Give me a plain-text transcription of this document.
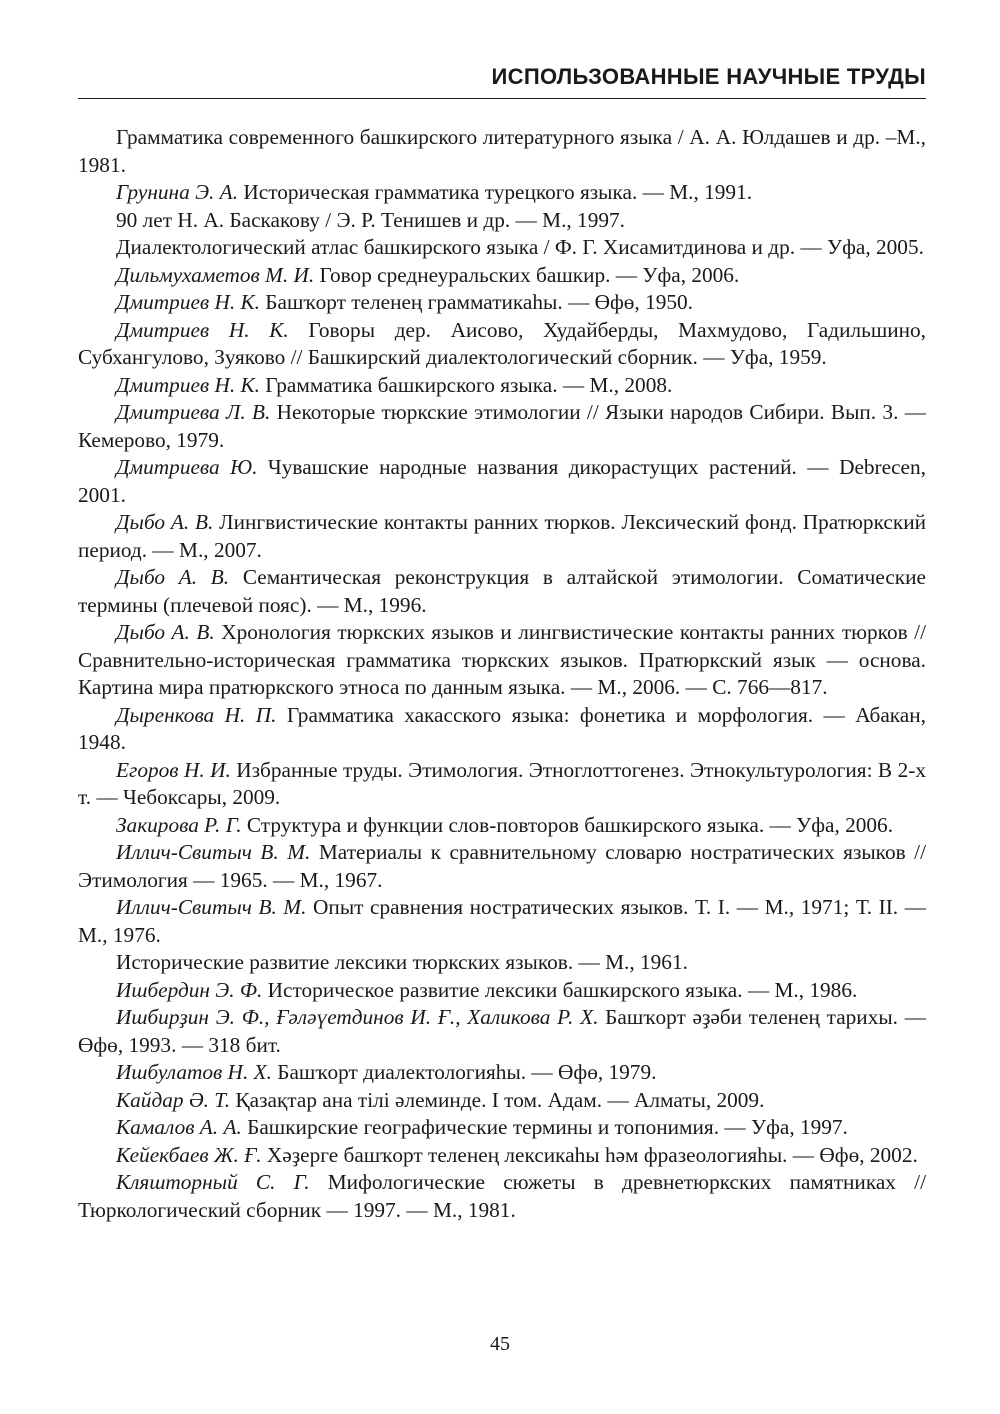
ИСПОЛЬЗОВАННЫЕ НАУЧНЫЕ ТРУДЫ

Грамматика современного башкирского литературного языка / А. А. Юлдашев и др. –М., 1981.

Грунина Э. А. Историческая грамматика турецкого языка. — М., 1991.

90 лет Н. А. Баскакову / Э. Р. Тенишев и др. — М., 1997.

Диалектологический атлас башкирского языка / Ф. Г. Хисамитдинова и др. — Уфа, 2005.

Дильмухаметов М. И. Говор среднеуральских башкир. — Уфа, 2006.

Дмитриев Н. К. Башҡорт теленең грамматикаһы. — Өфө, 1950.

Дмитриев Н. К. Говоры дер. Аисово, Худайберды, Махмудово, Гадильшино, Субхангулово, Зуяково // Башкирский диалектологический сборник. — Уфа, 1959.

Дмитриев Н. К. Грамматика башкирского языка. — М., 2008.

Дмитриева Л. В. Некоторые тюркские этимологии // Языки народов Сибири. Вып. 3. — Кемерово, 1979.

Дмитриева Ю. Чувашские народные названия дикорастущих растений. — Debrecen, 2001.

Дыбо А. В. Лингвистические контакты ранних тюрков. Лексический фонд. Пратюркский период. — М., 2007.

Дыбо А. В. Семантическая реконструкция в алтайской этимологии. Соматические термины (плечевой пояс). — М., 1996.

Дыбо А. В. Хронология тюркских языков и лингвистические контакты ранних тюрков // Сравнительно-историческая грамматика тюркских языков. Пратюркский язык — основа. Картина мира пратюркского этноса по данным языка. — М., 2006. — С. 766—817.

Дыренкова Н. П. Грамматика хакасского языка: фонетика и морфология. — Абакан, 1948.

Егоров Н. И. Избранные труды. Этимология. Этноглоттогенез. Этнокультурология: В 2-х т. — Чебоксары, 2009.

Закирова Р. Г. Структура и функции слов-повторов башкирского языка. — Уфа, 2006.

Иллич-Свитыч В. М. Материалы к сравнительному словарю ностратических языков // Этимология — 1965. — М., 1967.

Иллич-Свитыч В. М. Опыт сравнения ностратических языков. Т. I. — М., 1971; Т. II. — М., 1976.

Исторические развитие лексики тюркских языков. — М., 1961.

Ишбердин Э. Ф. Историческое развитие лексики башкирского языка. — М., 1986.

Ишбирҙин Э. Ф., Ғәләүетдинов И. Ғ., Халикова Р. Х. Башҡорт әҙәби теленең тарихы. — Өфө, 1993. — 318 бит.

Ишбулатов Н. Х. Башҡорт диалектологияһы. — Өфө, 1979.

Кайдар Ә. Т. Қазақтар ана тілі әлеминде. I том. Адам. — Алматы, 2009.

Камалов А. А. Башкирские географические термины и топонимия. — Уфа, 1997.

Кейекбаев Ж. Ғ. Хәҙерге башҡорт теленең лексикаһы һәм фразеологияһы. — Өфө, 2002.

Кляшторный С. Г. Мифологические сюжеты в древнетюркских памятниках // Тюркологический сборник — 1997. — М., 1981.

45
